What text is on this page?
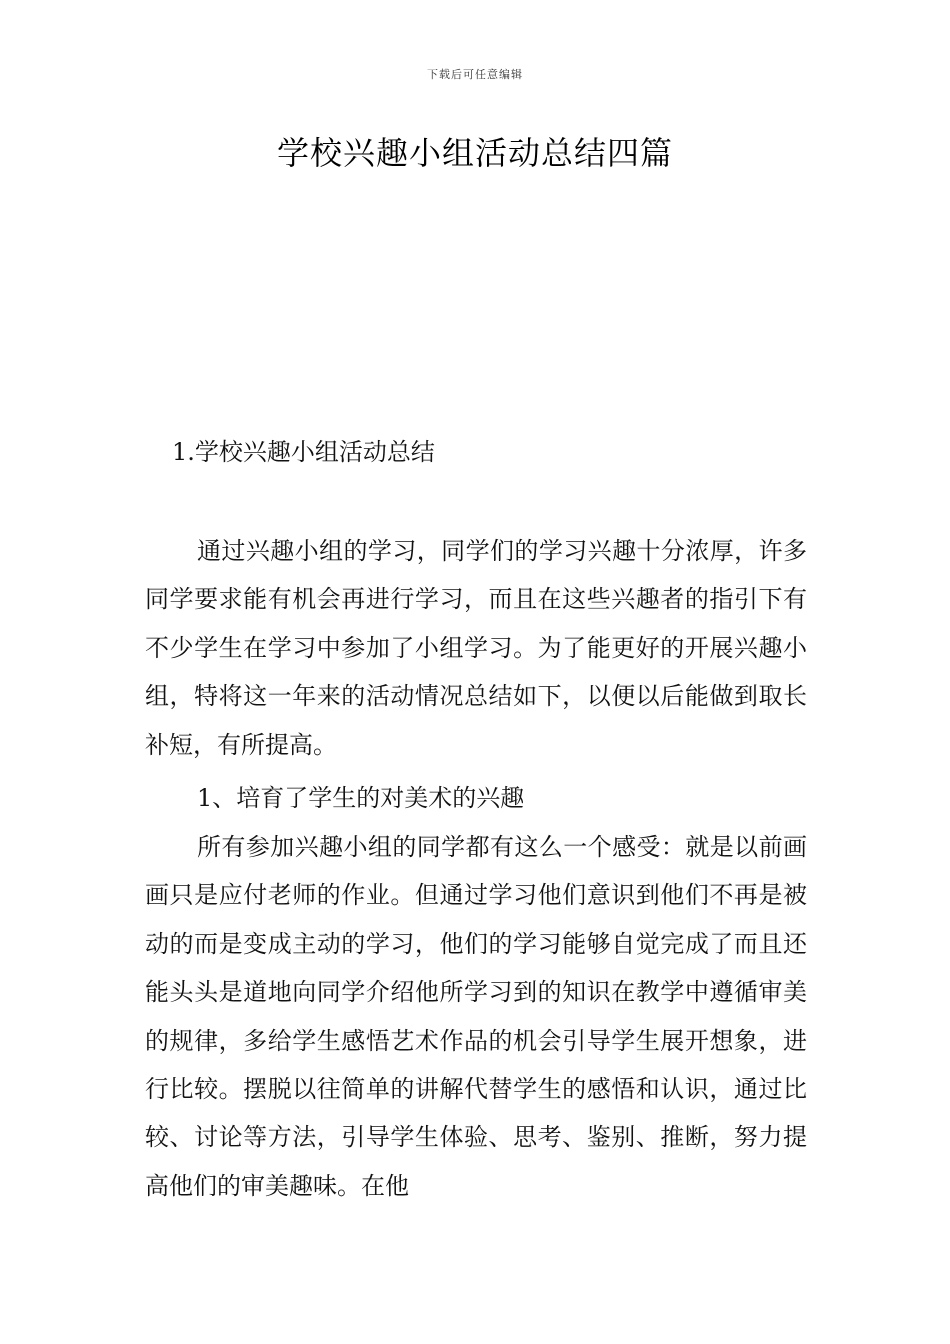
下载后可任意编辑
学校兴趣小组活动总结四篇
1.学校兴趣小组活动总结

通过兴趣小组的学习，同学们的学习兴趣十分浓厚，许多同学要求能有机会再进行学习，而且在这些兴趣者的指引下有不少学生在学习中参加了小组学习。为了能更好的开展兴趣小组，特将这一年来的活动情况总结如下，以便以后能做到取长补短，有所提高。

1、培育了学生的对美术的兴趣

所有参加兴趣小组的同学都有这么一个感受：就是以前画画只是应付老师的作业。但通过学习他们意识到他们不再是被动的而是变成主动的学习，他们的学习能够自觉完成了而且还能头头是道地向同学介绍他所学习到的知识在教学中遵循审美的规律，多给学生感悟艺术作品的机会引导学生展开想象，进行比较。摆脱以往简单的讲解代替学生的感悟和认识，通过比较、讨论等方法，引导学生体验、思考、鉴别、推断，努力提高他们的审美趣味。在他
